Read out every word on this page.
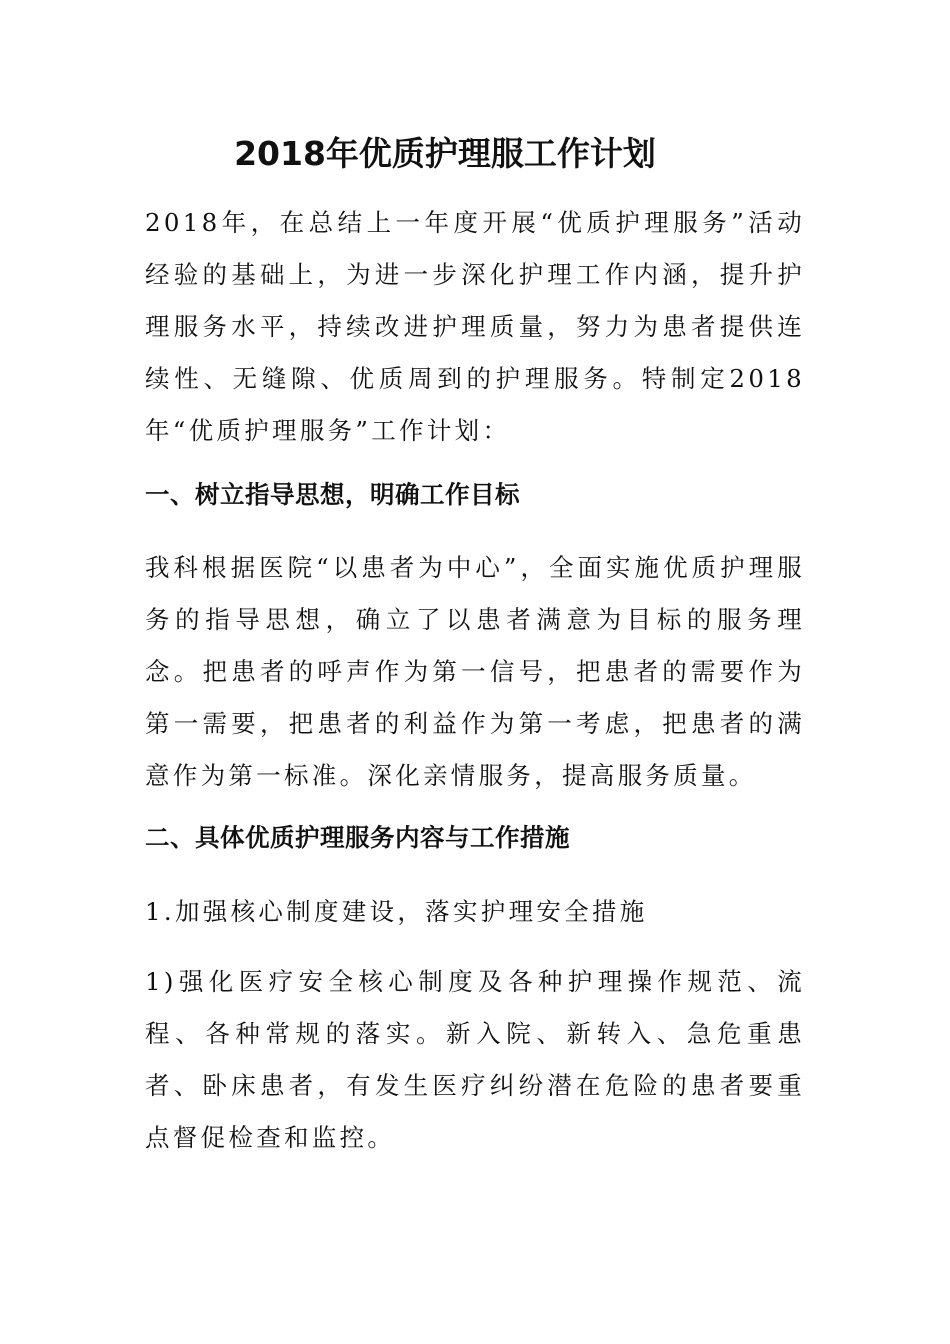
2018年优质护理服工作计划

2018年，在总结上一年度开展“优质护理服务”活动经验的基础上，为进一步深化护理工作内涵，提升护理服务水平，持续改进护理质量，努力为患者提供连续性、无缝隙、优质周到的护理服务。特制定2018年“优质护理服务”工作计划：

一、树立指导思想，明确工作目标

我科根据医院“以患者为中心”，全面实施优质护理服务的指导思想，确立了以患者满意为目标的服务理念。把患者的呼声作为第一信号，把患者的需要作为第一需要，把患者的利益作为第一考虑，把患者的满意作为第一标准。深化亲情服务，提高服务质量。

二、具体优质护理服务内容与工作措施

1.加强核心制度建设，落实护理安全措施

1)强化医疗安全核心制度及各种护理操作规范、流程、各种常规的落实。新入院、新转入、急危重患者、卧床患者，有发生医疗纠纷潜在危险的患者要重点督促检查和监控。
